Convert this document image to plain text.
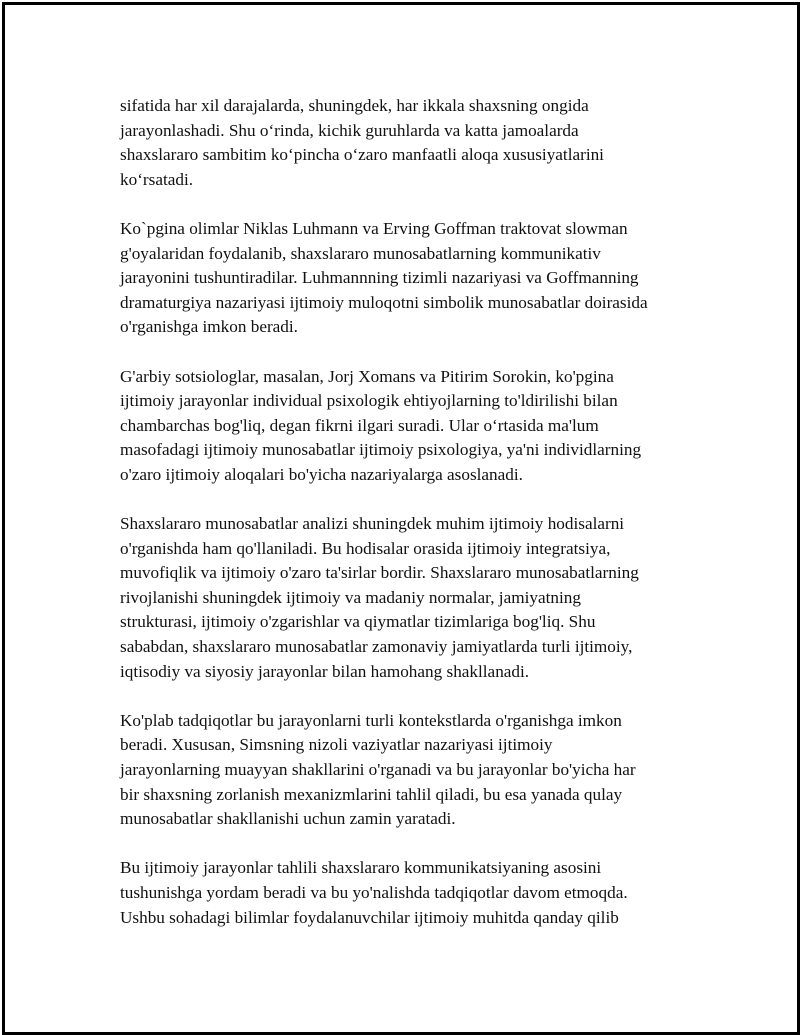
sifatida har xil darajalarda, shuningdek, har ikkala shaxsning ongida
jarayonlashadi. Shu o‘rinda, kichik guruhlarda va katta jamoalarda
shaxslararo sambitim ko‘pincha o‘zaro manfaatli aloqa xususiyatlarini
ko‘rsatadi.

Ko`pgina olimlar Niklas Luhmann va Erving Goffman traktovat slowman
g'oyalaridan foydalanib, shaxslararo munosabatlarning kommunikativ
jarayonini tushuntiradilar. Luhmannning tizimli nazariyasi va Goffmanning
dramaturgiya nazariyasi ijtimoiy muloqotni simbolik munosabatlar doirasida
o'rganishga imkon beradi.

G'arbiy sotsiologlar, masalan, Jorj Xomans va Pitirim Sorokin, ko'pgina
ijtimoiy jarayonlar individual psixologik ehtiyojlarning to'ldirilishi bilan
chambarchas bog'liq, degan fikrni ilgari suradi. Ular o‘rtasida ma'lum
masofadagi ijtimoiy munosabatlar ijtimoiy psixologiya, ya'ni individlarning
o'zaro ijtimoiy aloqalari bo'yicha nazariyalarga asoslanadi.

Shaxslararo munosabatlar analizi shuningdek muhim ijtimoiy hodisalarni
o'rganishda ham qo'llaniladi. Bu hodisalar orasida ijtimoiy integratsiya,
muvofiqlik va ijtimoiy o'zaro ta'sirlar bordir. Shaxslararo munosabatlarning
rivojlanishi shuningdek ijtimoiy va madaniy normalar, jamiyatning
strukturasi, ijtimoiy o'zgarishlar va qiymatlar tizimlariga bog'liq. Shu
sababdan, shaxslararo munosabatlar zamonaviy jamiyatlarda turli ijtimoiy,
iqtisodiy va siyosiy jarayonlar bilan hamohang shakllanadi.

Ko'plab tadqiqotlar bu jarayonlarni turli kontekstlarda o'rganishga imkon
beradi. Xususan, Simsning nizoli vaziyatlar nazariyasi ijtimoiy
jarayonlarning muayyan shakllarini o'rganadi va bu jarayonlar bo'yicha har
bir shaxsning zorlanish mexanizmlarini tahlil qiladi, bu esa yanada qulay
munosabatlar shakllanishi uchun zamin yaratadi.

Bu ijtimoiy jarayonlar tahlili shaxslararo kommunikatsiyaning asosini
tushunishga yordam beradi va bu yo'nalishda tadqiqotlar davom etmoqda.
Ushbu sohadagi bilimlar foydalanuvchilar ijtimoiy muhitda qanday qilib
